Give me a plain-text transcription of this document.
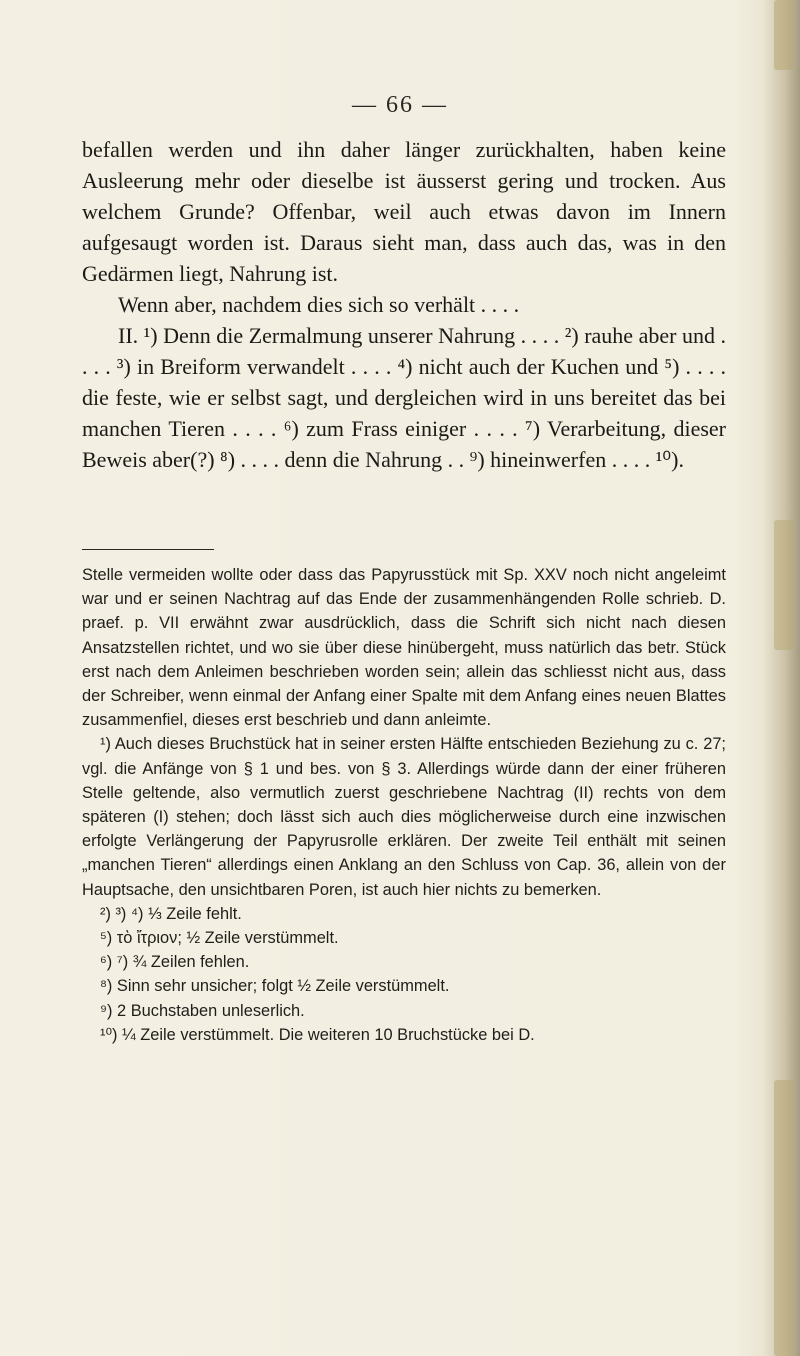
— 66 —

befallen werden und ihn daher länger zurückhalten, haben keine Ausleerung mehr oder dieselbe ist äusserst gering und trocken. Aus welchem Grunde? Offenbar, weil auch etwas davon im Innern aufgesaugt worden ist. Daraus sieht man, dass auch das, was in den Gedärmen liegt, Nahrung ist.

Wenn aber, nachdem dies sich so verhält . . . .

II. ¹) Denn die Zermalmung unserer Nahrung . . . . ²) rauhe aber und . . . . ³) in Breiform verwandelt . . . . ⁴) nicht auch der Kuchen und ⁵) . . . . die feste, wie er selbst sagt, und dergleichen wird in uns bereitet das bei manchen Tieren . . . . ⁶) zum Frass einiger . . . . ⁷) Verarbeitung, dieser Beweis aber(?) ⁸) . . . . denn die Nahrung . . ⁹) hineinwerfen . . . . ¹⁰).

Stelle vermeiden wollte oder dass das Papyrusstück mit Sp. XXV noch nicht angeleimt war und er seinen Nachtrag auf das Ende der zusammenhängenden Rolle schrieb. D. praef. p. VII erwähnt zwar ausdrücklich, dass die Schrift sich nicht nach diesen Ansatzstellen richtet, und wo sie über diese hinübergeht, muss natürlich das betr. Stück erst nach dem Anleimen beschrieben worden sein; allein das schliesst nicht aus, dass der Schreiber, wenn einmal der Anfang einer Spalte mit dem Anfang eines neuen Blattes zusammenfiel, dieses erst beschrieb und dann anleimte.

¹) Auch dieses Bruchstück hat in seiner ersten Hälfte entschieden Beziehung zu c. 27; vgl. die Anfänge von § 1 und bes. von § 3. Allerdings würde dann der einer früheren Stelle geltende, also vermutlich zuerst geschriebene Nachtrag (II) rechts von dem späteren (I) stehen; doch lässt sich auch dies möglicherweise durch eine inzwischen erfolgte Verlängerung der Papyrusrolle erklären. Der zweite Teil enthält mit seinen „manchen Tieren“ allerdings einen Anklang an den Schluss von Cap. 36, allein von der Hauptsache, den unsichtbaren Poren, ist auch hier nichts zu bemerken.

²) ³) ⁴) ⅓ Zeile fehlt.

⁵) τὸ ἴτριον; ½ Zeile verstümmelt.

⁶) ⁷) ¾ Zeilen fehlen.

⁸) Sinn sehr unsicher; folgt ½ Zeile verstümmelt.

⁹) 2 Buchstaben unleserlich.

¹⁰) ¼ Zeile verstümmelt. Die weiteren 10 Bruchstücke bei D.
